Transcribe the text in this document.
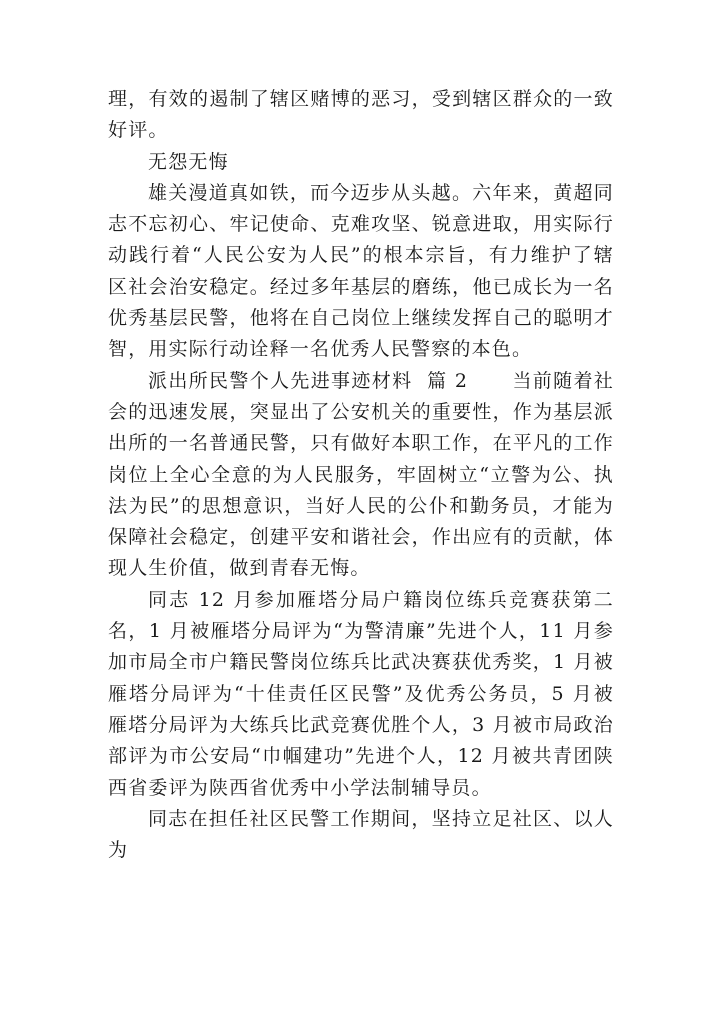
理，有效的遏制了辖区赌博的恶习，受到辖区群众的一致好评。

无怨无悔

雄关漫道真如铁，而今迈步从头越。六年来，黄超同志不忘初心、牢记使命、克难攻坚、锐意进取，用实际行动践行着“人民公安为人民”的根本宗旨，有力维护了辖区社会治安稳定。经过多年基层的磨练，他已成长为一名优秀基层民警，他将在自己岗位上继续发挥自己的聪明才智，用实际行动诠释一名优秀人民警察的本色。

派出所民警个人先进事迹材料  篇 2      当前随着社会的迅速发展，突显出了公安机关的重要性，作为基层派出所的一名普通民警，只有做好本职工作，在平凡的工作岗位上全心全意的为人民服务，牢固树立“立警为公、执法为民”的思想意识，当好人民的公仆和勤务员，才能为保障社会稳定，创建平安和谐社会，作出应有的贡献，体现人生价值，做到青春无悔。

同志 12 月参加雁塔分局户籍岗位练兵竞赛获第二名，1 月被雁塔分局评为“为警清廉”先进个人，11 月参加市局全市户籍民警岗位练兵比武决赛获优秀奖，1 月被雁塔分局评为“十佳责任区民警”及优秀公务员，5 月被雁塔分局评为大练兵比武竞赛优胜个人，3 月被市局政治部评为市公安局“巾帼建功”先进个人，12 月被共青团陕西省委评为陕西省优秀中小学法制辅导员。

同志在担任社区民警工作期间，坚持立足社区、以人为
